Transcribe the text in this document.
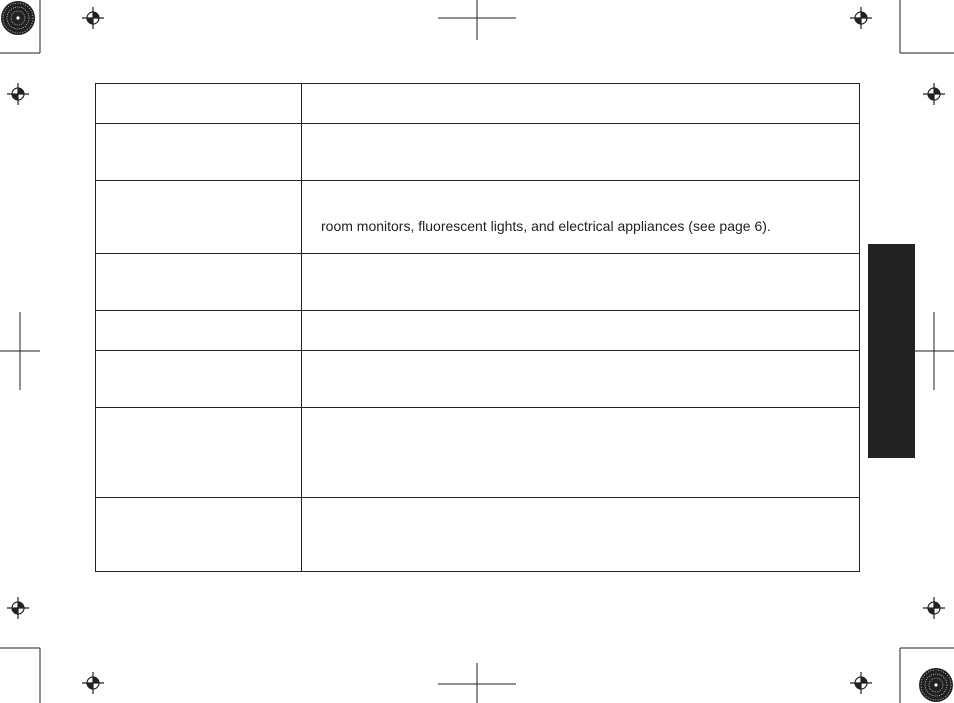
	room monitors, fluorescent lights, and electrical appliances (see page 6).
